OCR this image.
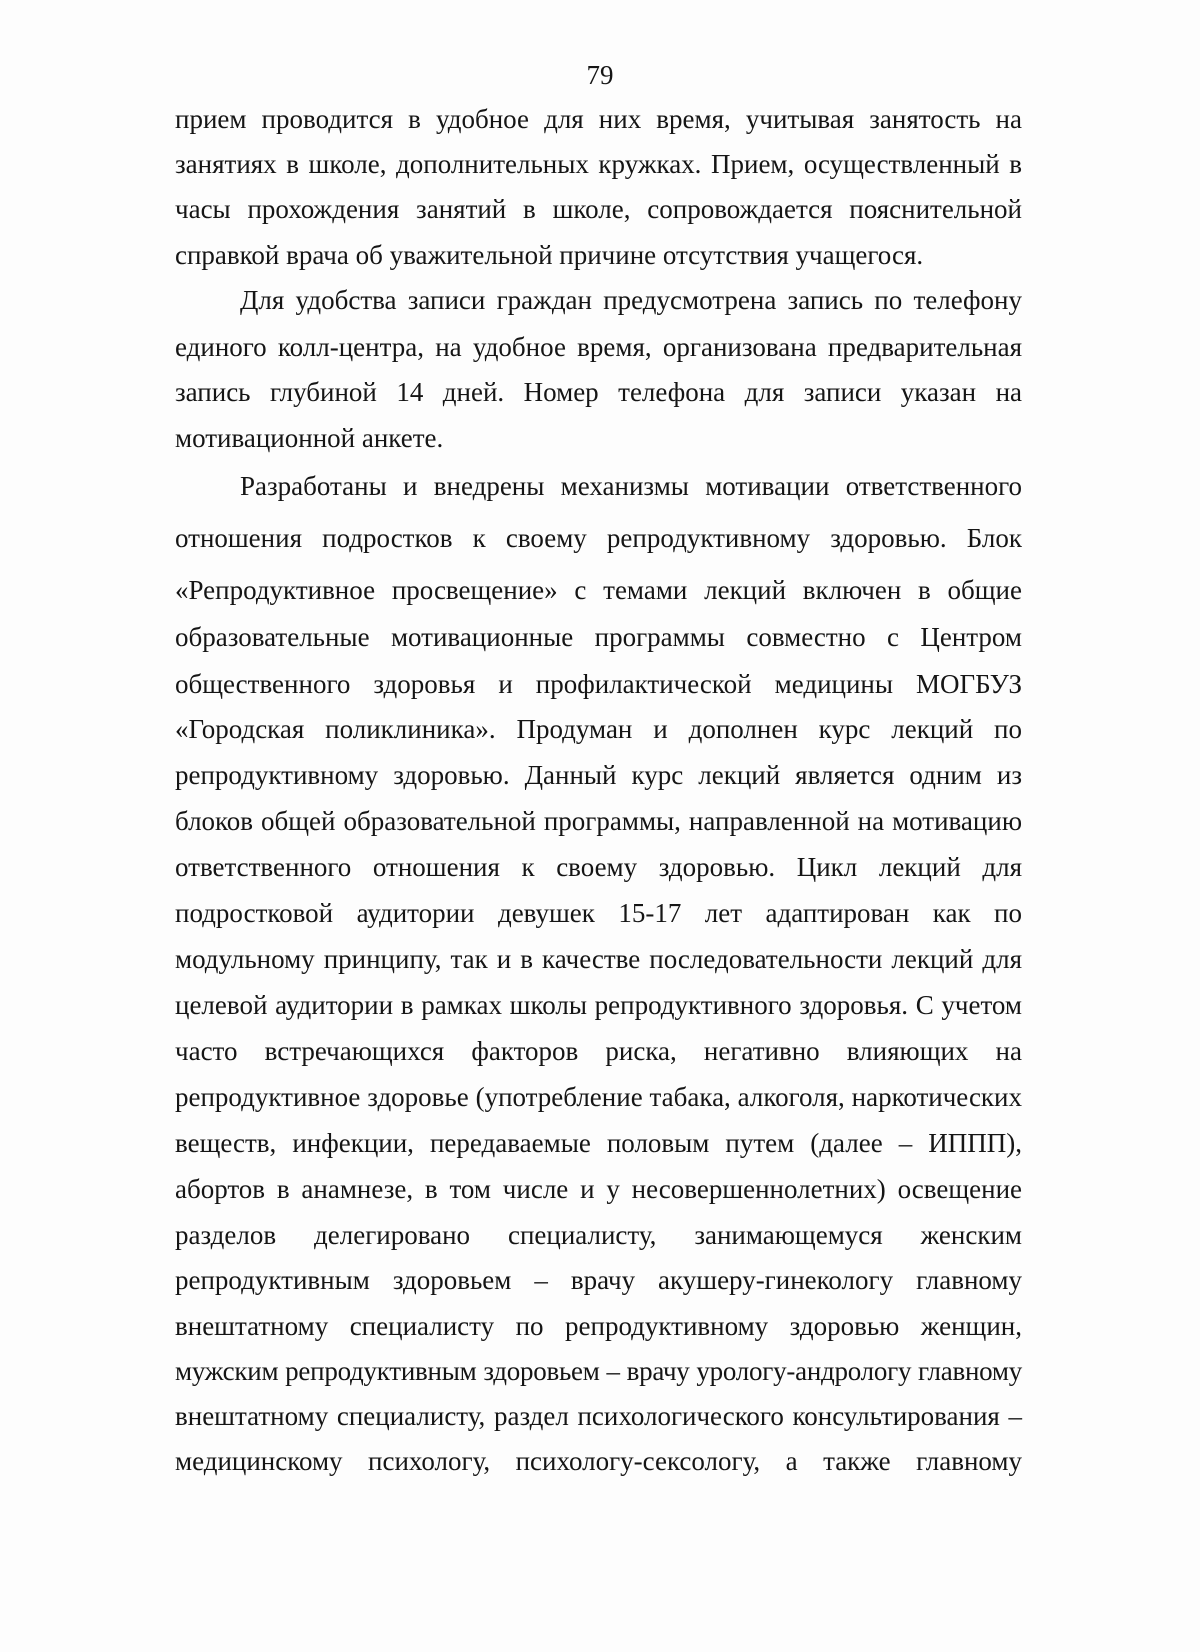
79
прием проводится в удобное для них время, учитывая занятость на
занятиях в школе, дополнительных кружках. Прием, осуществленный в
часы прохождения занятий в школе, сопровождается пояснительной
справкой врача об уважительной причине отсутствия учащегося.
Для удобства записи граждан предусмотрена запись по телефону
единого колл-центра, на удобное время, организована предварительная
запись глубиной 14 дней. Номер телефона для записи указан на
мотивационной анкете.
Разработаны и внедрены механизмы мотивации ответственного
отношения подростков к своему репродуктивному здоровью. Блок
«Репродуктивное просвещение» с темами лекций включен в общие
образовательные мотивационные программы совместно с Центром
общественного здоровья и профилактической медицины МОГБУЗ
«Городская поликлиника». Продуман и дополнен курс лекций по
репродуктивному здоровью. Данный курс лекций является одним из
блоков общей образовательной программы, направленной на мотивацию
ответственного отношения к своему здоровью. Цикл лекций для
подростковой аудитории девушек 15-17 лет адаптирован как по
модульному принципу, так и в качестве последовательности лекций для
целевой аудитории в рамках школы репродуктивного здоровья. С учетом
часто встречающихся факторов риска, негативно влияющих на
репродуктивное здоровье (употребление табака, алкоголя, наркотических
веществ, инфекции, передаваемые половым путем (далее – ИППП),
абортов в анамнезе, в том числе и у несовершеннолетних) освещение
разделов делегировано специалисту, занимающемуся женским
репродуктивным здоровьем – врачу акушеру-гинекологу главному
внештатному специалисту по репродуктивному здоровью женщин,
мужским репродуктивным здоровьем – врачу урологу-андрологу главному
внештатному специалисту, раздел психологического консультирования –
медицинскому психологу, психологу-сексологу, а также главному
